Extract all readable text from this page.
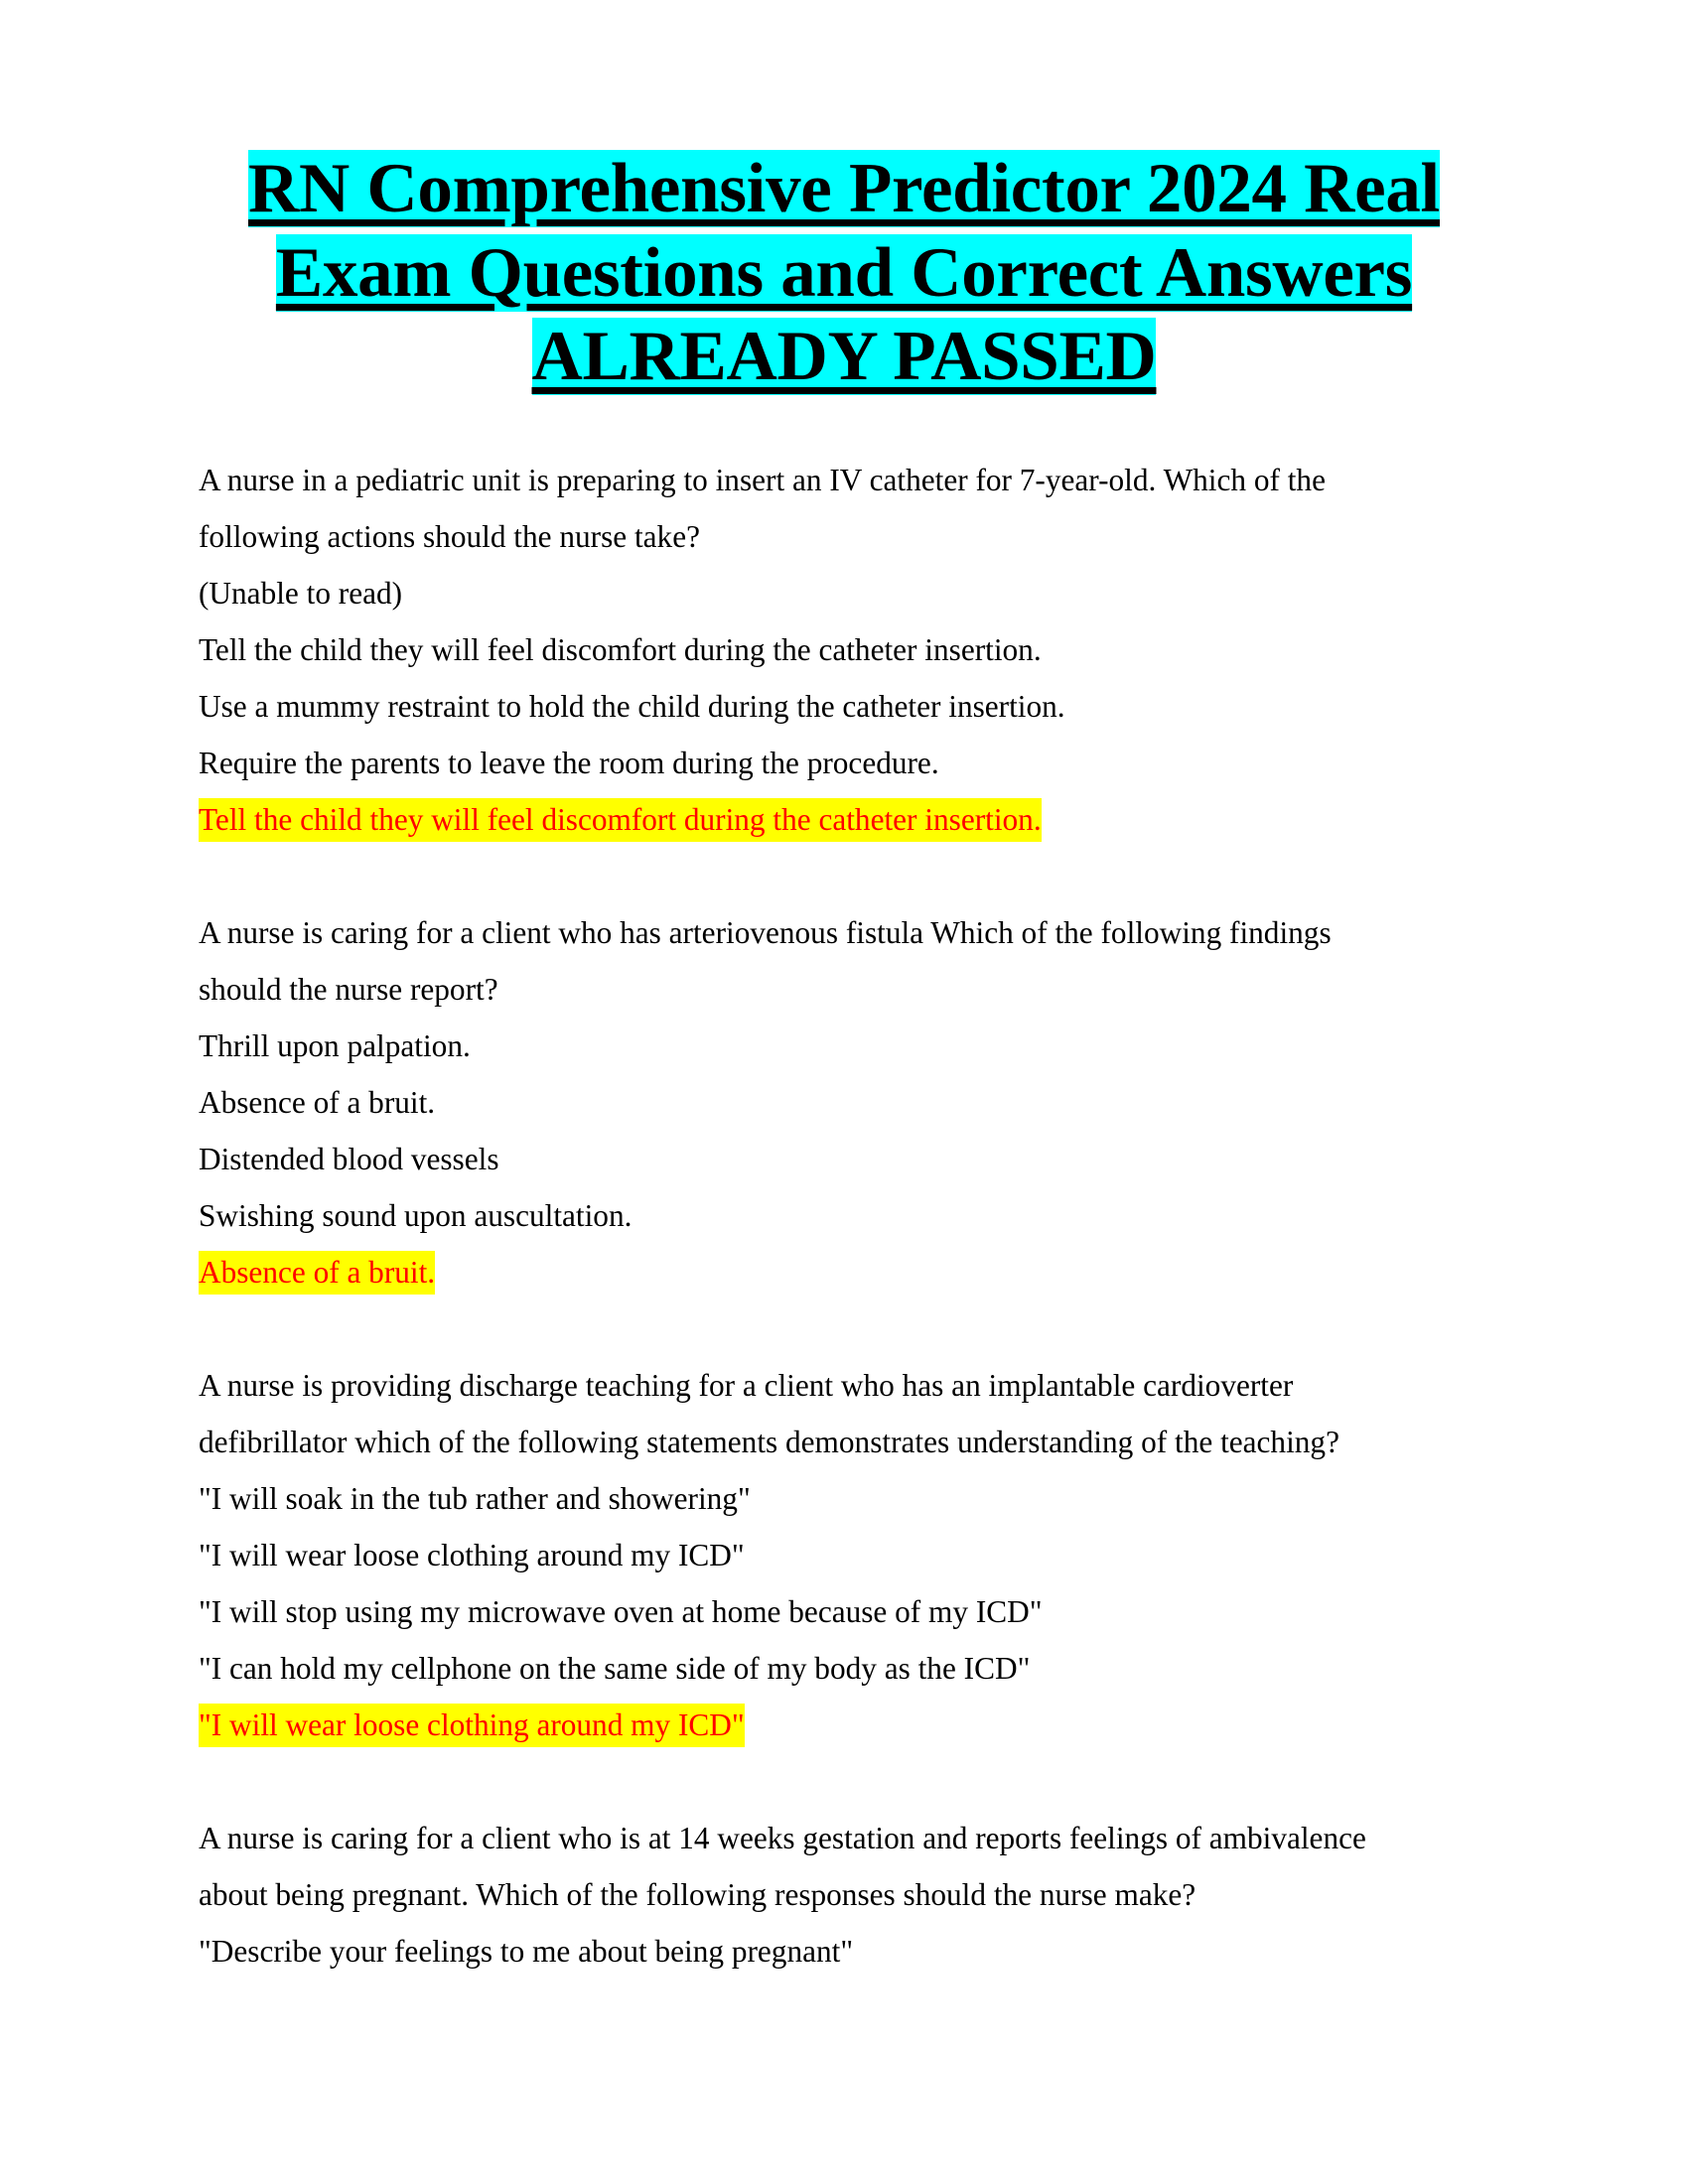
RN Comprehensive Predictor 2024 Real
Exam Questions and Correct Answers
ALREADY PASSED

A nurse in a pediatric unit is preparing to insert an IV catheter for 7-year-old. Which of the

following actions should the nurse take?

(Unable to read)

Tell the child they will feel discomfort during the catheter insertion.

Use a mummy restraint to hold the child during the catheter insertion.

Require the parents to leave the room during the procedure.

Tell the child they will feel discomfort during the catheter insertion.

A nurse is caring for a client who has arteriovenous fistula Which of the following findings

should the nurse report?

Thrill upon palpation.

Absence of a bruit.

Distended blood vessels

Swishing sound upon auscultation.

Absence of a bruit.

A nurse is providing discharge teaching for a client who has an implantable cardioverter

defibrillator which of the following statements demonstrates understanding of the teaching?

"I will soak in the tub rather and showering"

"I will wear loose clothing around my ICD"

"I will stop using my microwave oven at home because of my ICD"

"I can hold my cellphone on the same side of my body as the ICD"

"I will wear loose clothing around my ICD"

A nurse is caring for a client who is at 14 weeks gestation and reports feelings of ambivalence

about being pregnant. Which of the following responses should the nurse make?

"Describe your feelings to me about being pregnant"
